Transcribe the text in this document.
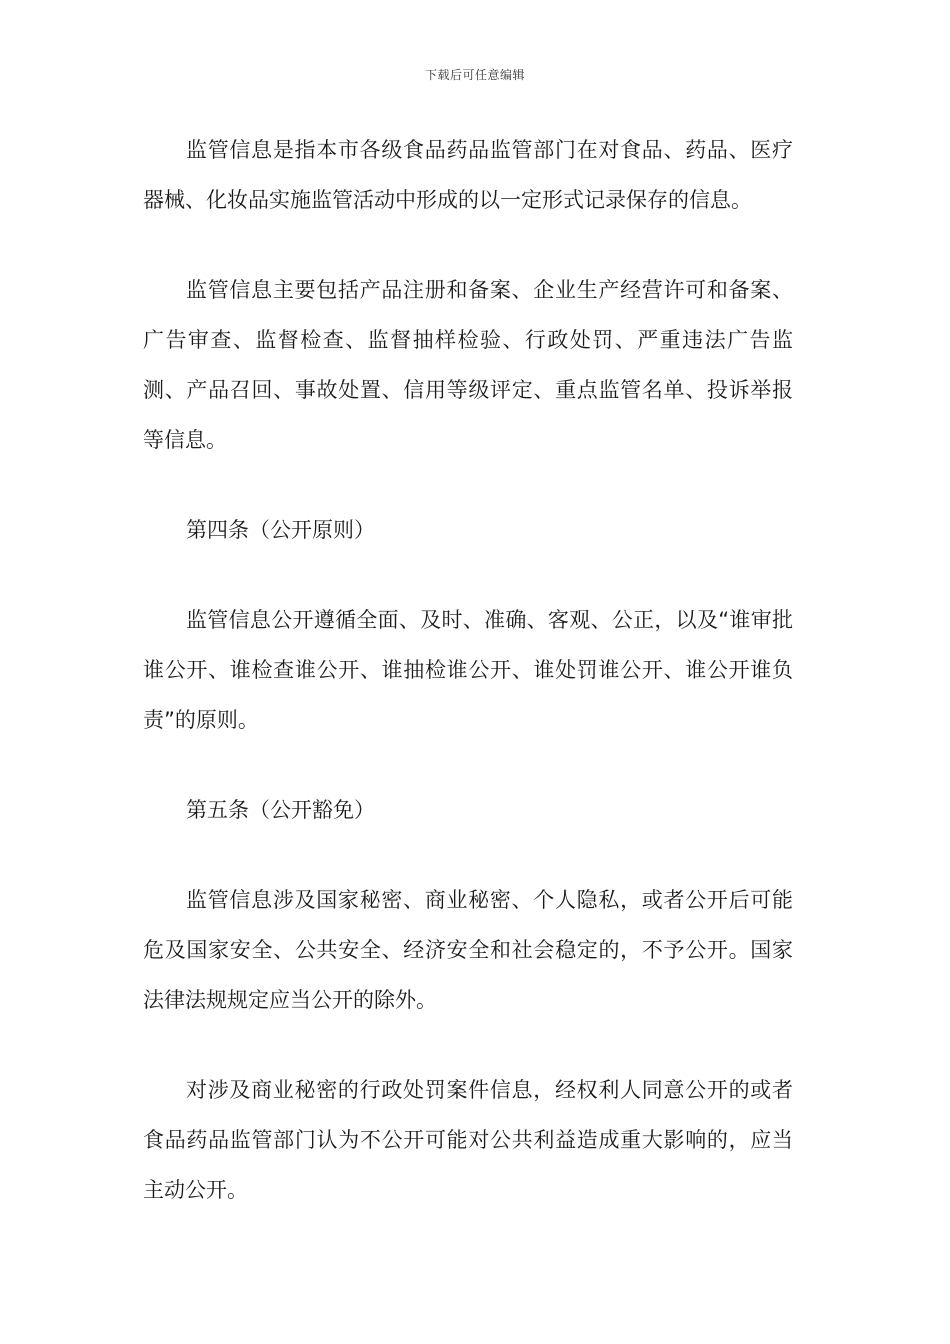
下载后可任意编辑

监管信息是指本市各级食品药品监管部门在对食品、药品、医疗器械、化妆品实施监管活动中形成的以一定形式记录保存的信息。

监管信息主要包括产品注册和备案、企业生产经营许可和备案、广告审查、监督检查、监督抽样检验、行政处罚、严重违法广告监测、产品召回、事故处置、信用等级评定、重点监管名单、投诉举报等信息。

第四条（公开原则）

监管信息公开遵循全面、及时、准确、客观、公正，以及“谁审批谁公开、谁检查谁公开、谁抽检谁公开、谁处罚谁公开、谁公开谁负责”的原则。

第五条（公开豁免）

监管信息涉及国家秘密、商业秘密、个人隐私，或者公开后可能危及国家安全、公共安全、经济安全和社会稳定的，不予公开。国家法律法规规定应当公开的除外。

对涉及商业秘密的行政处罚案件信息，经权利人同意公开的或者食品药品监管部门认为不公开可能对公共利益造成重大影响的，应当主动公开。
